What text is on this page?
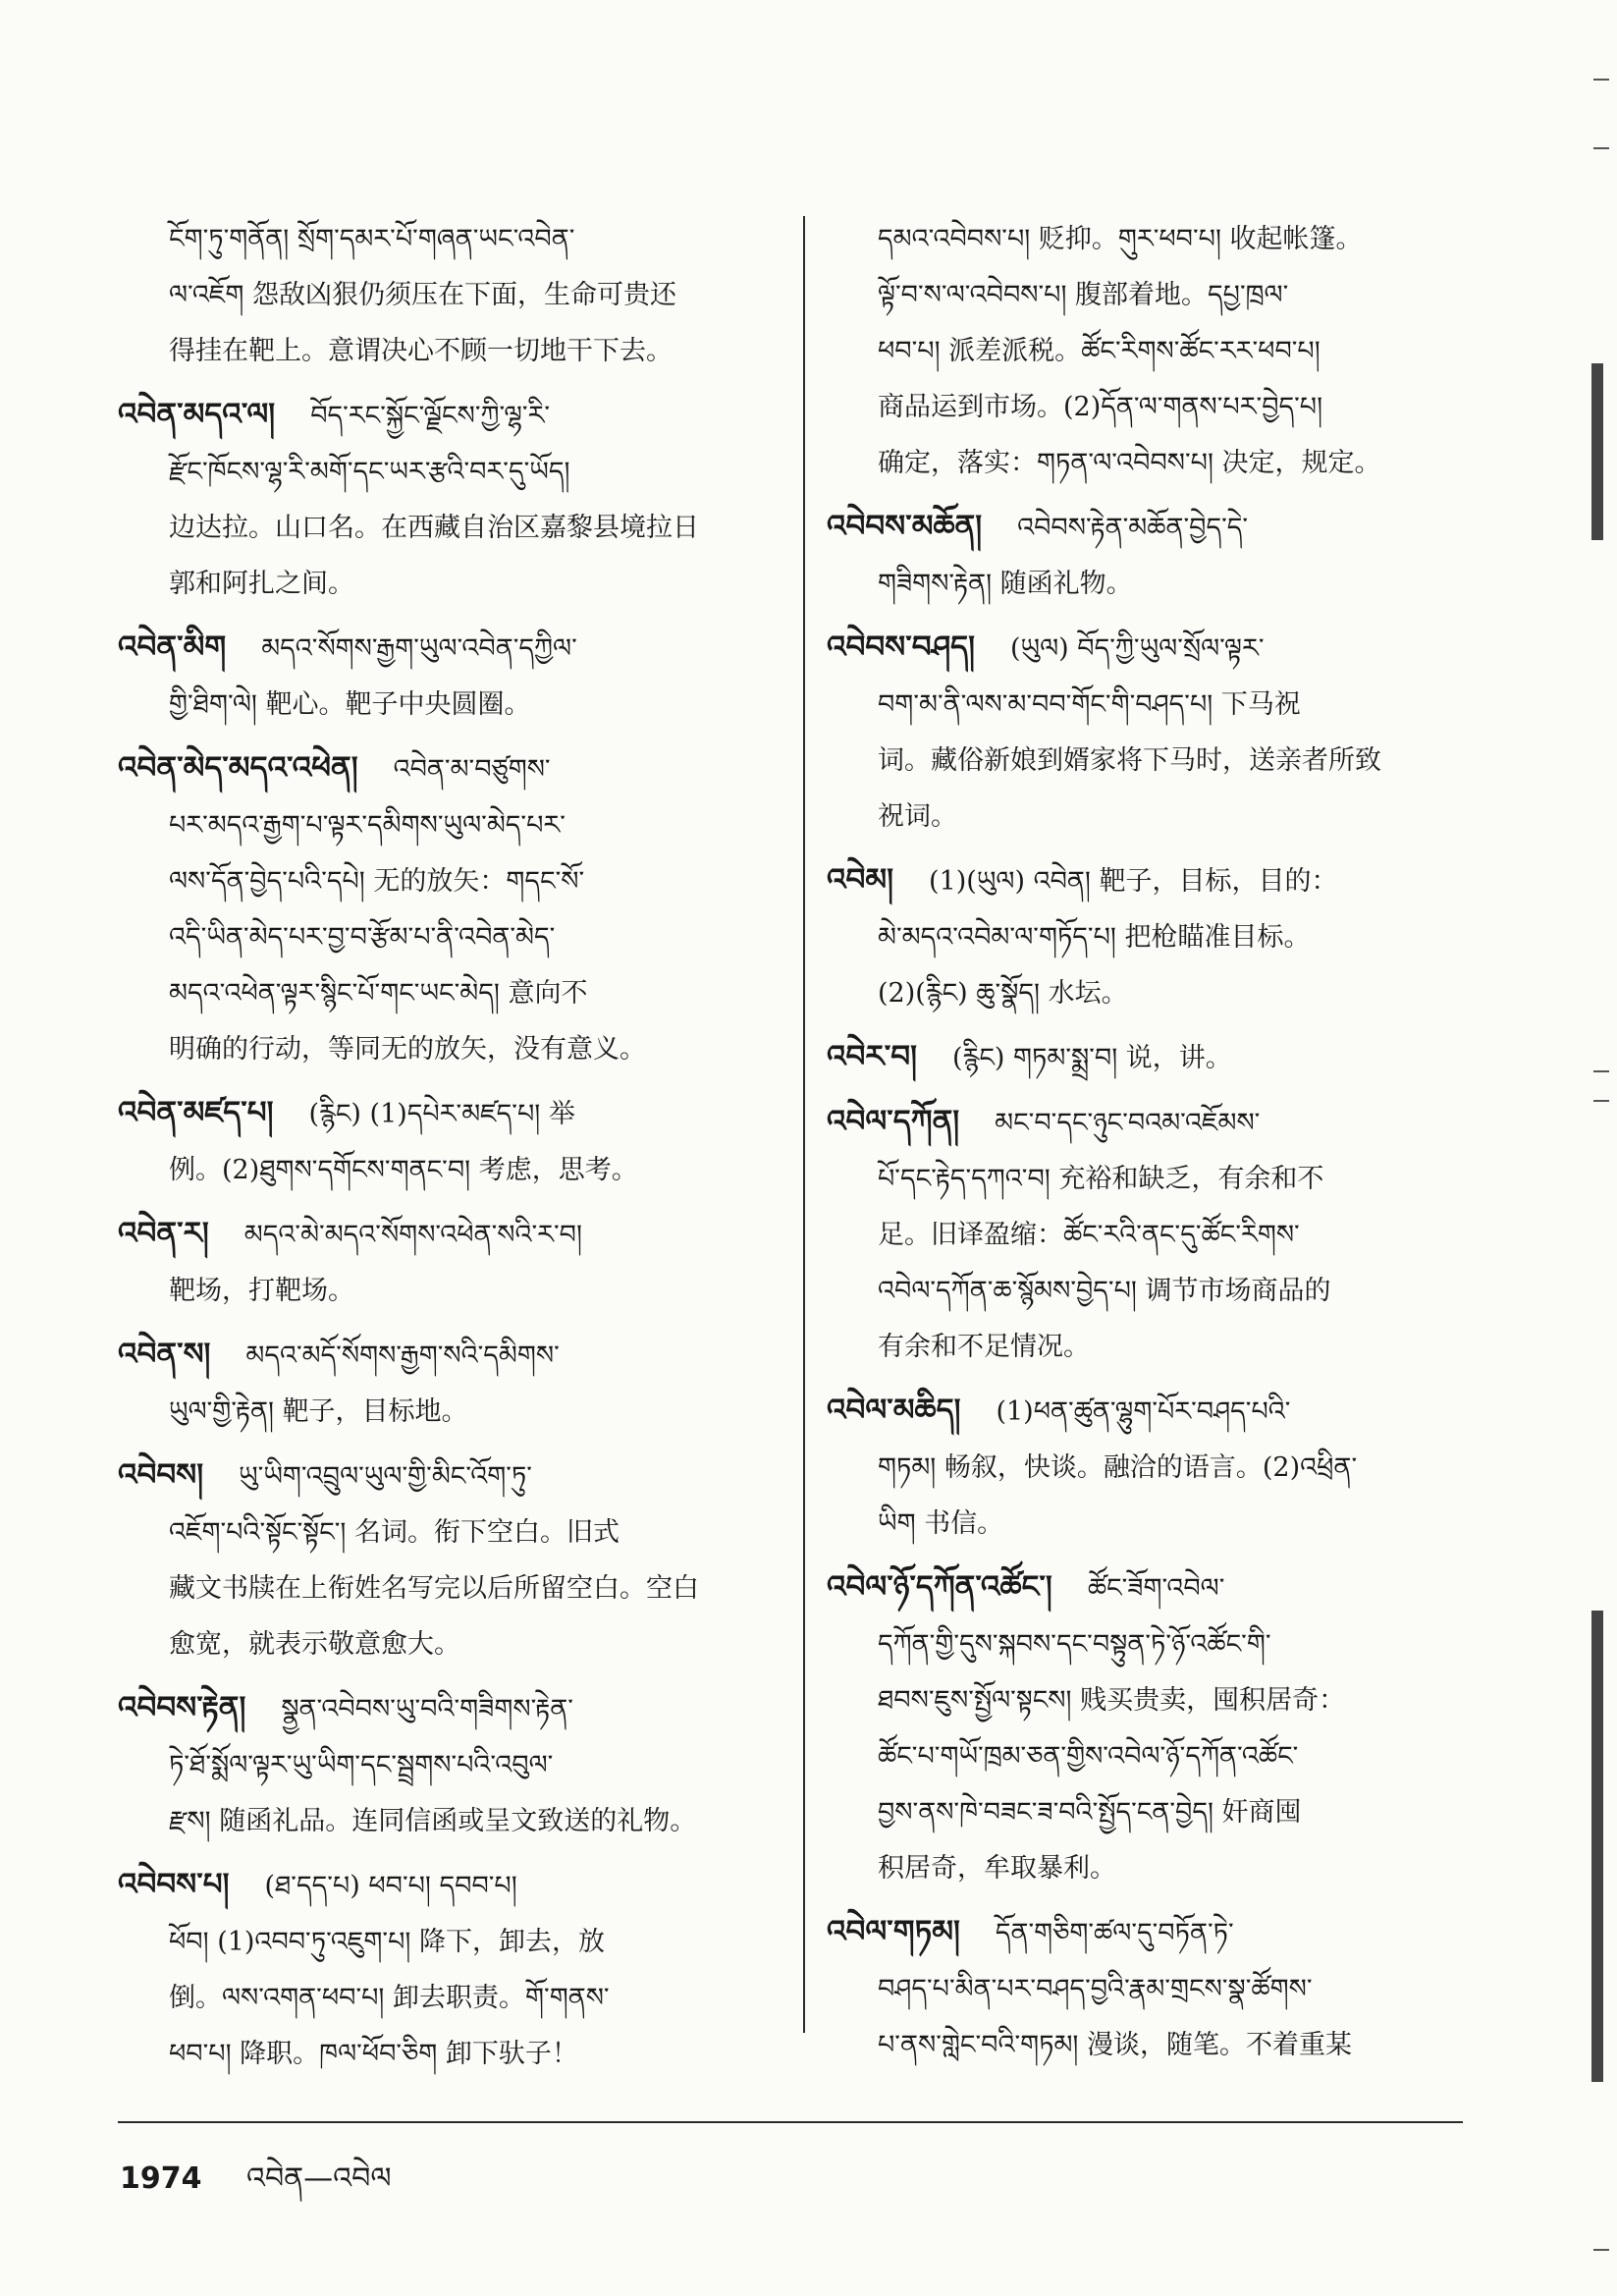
ངོག་ཏུ་གནོན། སྲོག་དམར་པོ་གཞན་ཡང་འབེན་
ལ་འཇོག 怨敌凶狠仍须压在下面，生命可贵还
得挂在靶上。意谓决心不顾一切地干下去。
འབེན་མདའ་ལ། བོད་རང་སྐྱོང་ལྗོངས་ཀྱི་ལྷ་རི་
རྫོང་ཁོངས་ལྷ་རི་མགོ་དང་ཡར་རྩའི་བར་དུ་ཡོད།
边达拉。山口名。在西藏自治区嘉黎县境拉日
郭和阿扎之间。
འབེན་མིག མདའ་སོགས་རྒྱག་ཡུལ་འབེན་དཀྱིལ་
གྱི་ཐིག་ལེ། 靶心。靶子中央圆圈。
འབེན་མེད་མདའ་འཕེན། འབེན་མ་བཙུགས་
པར་མདའ་རྒྱག་པ་ལྟར་དམིགས་ཡུལ་མེད་པར་
ལས་དོན་བྱེད་པའི་དཔེ། 无的放矢：གདང་སོ་
འདི་ཡིན་མེད་པར་བྱ་བ་རྩོམ་པ་ནི་འབེན་མེད་
མདའ་འཕེན་ལྟར་སྙིང་པོ་གང་ཡང་མེད། 意向不
明确的行动，等同无的放矢，没有意义。
འབེན་མཛད་པ། (རྙིང) (1)དཔེར་མཛད་པ། 举
例。(2)ཐུགས་དགོངས་གནང་བ། 考虑，思考。
འབེན་ར། མདའ་མེ་མདའ་སོགས་འཕེན་སའི་ར་བ།
靶场，打靶场。
འབེན་ས། མདའ་མདོ་སོགས་རྒྱག་སའི་དམིགས་
ཡུལ་གྱི་རྟེན། 靶子，目标地。
འབེབས། ཡུ་ཡིག་འབྲུལ་ཡུལ་གྱི་མིང་འོག་ཏུ་
འཇོག་པའི་སྟོང་སྟོང་། 名词。衔下空白。旧式
藏文书牍在上衔姓名写完以后所留空白。空白
愈宽，就表示敬意愈大。
འབེབས་རྟེན། སྣྱན་འབེབས་ཡུ་བའི་གཟིགས་རྟེན་
ཏེ་ཐོ་སྨོལ་ལྟར་ཡུ་ཡིག་དང་སྦྲགས་པའི་འབུལ་
རྫས། 随函礼品。连同信函或呈文致送的礼物。
འབེབས་པ། (ཐ་དད་པ) ཕབ་པ། དབབ་པ།
ཕོབ། (1)འབབ་ཏུ་འཇུག་པ། 降下，卸去，放
倒。ལས་འགན་ཕབ་པ། 卸去职责。གོ་གནས་
ཕབ་པ། 降职。ཁལ་ཕོབ་ཅིག 卸下驮子！
དམའ་འབེབས་པ། 贬抑。གུར་ཕབ་པ། 收起帐篷。
ལྟོ་བ་ས་ལ་འབེབས་པ། 腹部着地。དཔྱ་ཁྲལ་
ཕབ་པ། 派差派税。ཚོང་རིགས་ཚོང་རར་ཕབ་པ།
商品运到市场。(2)དོན་ལ་གནས་པར་བྱེད་པ།
确定，落实：གཏན་ལ་འབེབས་པ། 决定，规定。
འབེབས་མཆོན། འབེབས་རྟེན་མཆོན་བྱེད་དེ་
གཟིགས་རྟེན། 随函礼物。
འབེབས་བཤད། (ཡུལ) བོད་ཀྱི་ཡུལ་སྲོལ་ལྟར་
བག་མ་ནི་ལས་མ་བབ་གོང་གི་བཤད་པ། 下马祝
词。藏俗新娘到婿家将下马时，送亲者所致
祝词。
འབེམ། (1)(ཡུལ) འབེན། 靶子，目标，目的：
མེ་མདའ་འབེམ་ལ་གཏོད་པ། 把枪瞄准目标。
(2)(རྙིང) ཆུ་སྣོད། 水坛。
འབེར་བ། (རྙིང) གཏམ་སྨྲ་བ། 说，讲。
འབེལ་དཀོན། མང་བ་དང་ཉུང་བའམ་འཇོམས་
པོ་དང་རྟེད་དཀའ་བ། 充裕和缺乏，有余和不
足。旧译盈缩：ཚོང་རའི་ནང་དུ་ཚོང་རིགས་
འབེལ་དཀོན་ཆ་སྙོམས་བྱེད་པ། 调节市场商品的
有余和不足情况。
འབེལ་མཆིད། (1)ཕན་ཚུན་ལྷུག་པོར་བཤད་པའི་
གཏམ། 畅叙，快谈。融洽的语言。(2)འཕྲིན་
ཡིག 书信。
འབེལ་ཉོ་དཀོན་འཚོང་། ཚོང་ཟོག་འབེལ་
དཀོན་གྱི་དུས་སྐབས་དང་བསྟུན་ཏེ་ཉོ་འཚོང་གི་
ཐབས་ཇུས་སྤྱོལ་སྟངས། 贱买贵卖，囤积居奇：
ཚོང་པ་གཡོ་ཁྲམ་ཅན་གྱིས་འབེལ་ཉོ་དཀོན་འཚོང་
བྱས་ནས་ཁེ་བཟང་ཟ་བའི་སྤྱོད་ངན་བྱེད། 奸商囤
积居奇，牟取暴利。
འབེལ་གཏམ། དོན་གཅིག་ཚལ་དུ་བཏོན་ཏེ་
བཤད་པ་མིན་པར་བཤད་བྱའི་རྣམ་གྲངས་སྣ་ཚོགས་
པ་ནས་གླེང་བའི་གཏམ། 漫谈，随笔。不着重某
1974 འབེན—འབེལ
